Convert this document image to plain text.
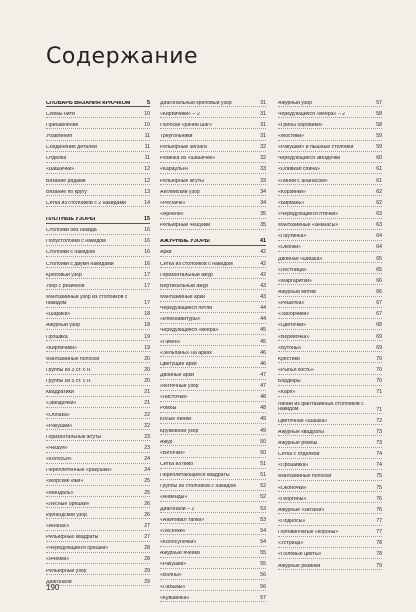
Содержание
СЛОВАРЬ ВЯЗАНИЯ КРЮЧКОМ	5
Схемы нити	10
Прибавление	10
Убавления	11
Соединение деталей	11
Отделка	11
«Шишечки»	12
Вязание рядами	12
Вязание по кругу	13
Сетка из столбиков с 2 накидами	14
ПЛОТНЫЕ УЗОРЫ	15
Столбики без накида	16
Полустолбики с накидом	16
Столбики с накидом	16
Столбики с двумя накидами	16
Креповый узор	17
Узор с резинкой	17
Фантазийный узор из столбиков с накидом	17
«Шарики»	18
Ажурный узор	18
Прошвка	19
«Кирпичики»	19
Фантазийные полоски	20
Группы из 3 ст. с н.	20
Группы из 5 ст. с н.	20
Квадратики	21
«Звездочки»	21
«Облака»	22
«Ракушки»	22
Горизонтальные жгуты	23
«Чешуя»	23
«Колосья»	24
Переплетенные «ракушки»	24
«Морские ежи»	25
«Миндаль»	25
«Лесные орешки»	26
Ирландский узор	26
«Ананас»	27
Рельефные квадраты	27
«Чередующиеся орешки»	28
«Ячейки»	28
Рельефный узор	29
Диагонали	29
Диагональный креповый узор	31
«Кирпичики» – 2	31
Полоски «рачий шаг»	31
Треугольники	31
Рельефные зигзаги	32
Резинка из «шишечек»	32
«Караульн»	33
Рельефные жгуты	33
Английский узор	34
«Ресничк»	34
«Арнели»	35
Рельефные чешуйки	35
АЖУРНЫЕ УЗОРЫ	41
Арки	42
Сетка из столбиков с накидом	42
Горизонтальный ажур	42
Вертикальный ажур	43
Фантазийные арки	43
Чередующиеся петли	44
«Ипекоивитуры»	44
Чередующиеся «веера»	45
«Пикен»	45
«Зельпаны» на арках	46
Цветущие арки	46
Двойные арки	47
Ленточный узор	47
«Листочки»	48
Ромбы	48
Косые линии	49
Кружевной узор	49
Ажур	50
«Веточки»	50
Сетка из пико	51
Переплетающиеся квадраты	51
Группы из столбиков с накидом	52
«Анвенды»	52
Диагонали – 2	53
«Ажитивал тапки»	53
«Лесенки»	54
«Колосуночки»	54
Ажурные ячейки	55
«Ракушки»	55
«Волны»	56
«Пальмы»	56
«Кувшинка»	57
Ажурный узор	57
Чередующиеся «веера» – 2	58
«Грибы боровики»	58
«Мостики»	59
«Ракушки» и пышные столбики	59
Чередующиеся звездочки	60
«Оливкая спина»	61
«Линии с ананасом»	61
«Корзинки»	62
«Бирвань»	62
«Чередующиеся птички»	63
Фантазийные «ананасы»	63
«Паутинка»	64
«Оконки»	64
Двойная «шишка»	65
«Лестница»	65
«Маргаритки»	66
Ажурный мотив	66
«Решетка»	67
«Заборчики»	67
«Цветочки»	68
«Веревочка»	69
«Бутоны»	69
Крестики	70
«Рыбья кость»	70
Бордюры	70
«Карп»	71
Линии из фантазийных столбиков с накидом	71
Цветочная «шашка»	72
Ажурные квадраты	73
Ажурные ромбы	73
Сетка с отделкой	74
«Прошивка»	74
Фантазийные полоски	75
«Оконочки»	75
«Георгины»	76
Ажурные «зигзаги»	76
«Подносы»	77
Половинчатые «короны»	77
«Устрица»	78
«Полевые цветы»	78
Ажурные резинки	79
190
